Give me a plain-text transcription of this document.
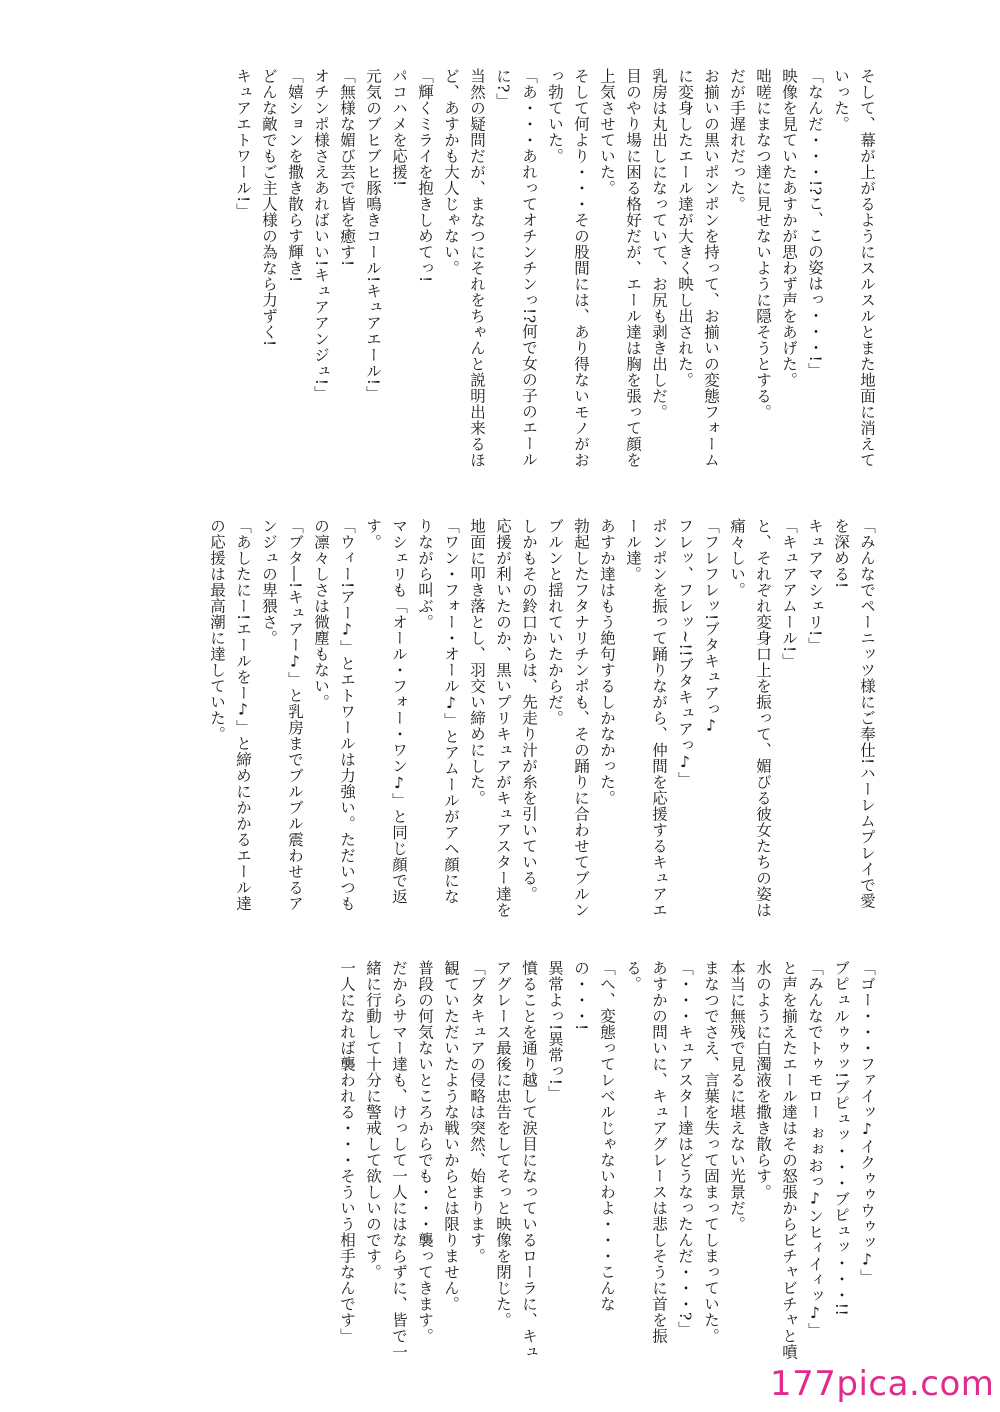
そして、幕が上がるようにスルスルとまた地面に消えていった。
「なんだ・・・!?こ、この姿はっ・・・!」
映像を見ていたあすかが思わず声をあげた。
咄嗟にまなつ達に見せないように隠そうとする。
だが手遅れだった。
お揃いの黒いポンポンを持って、お揃いの変態フォームに変身したエール達が大きく映し出された。
乳房は丸出しになっていて、お尻も剥き出しだ。
目のやり場に困る格好だが、エール達は胸を張って顔を上気させていた。
そして何より・・・その股間には、あり得ないモノがおっ勃ていた。
「あ・・・あれってオチンチンっ!?何で女の子のエールに?」
当然の疑問だが、まなつにそれをちゃんと説明出来るほど、あすかも大人じゃない。
「輝くミライを抱きしめてっ!
パコハメを応援!
元気のブヒブヒ豚鳴きコール!キュアエール!」
「無様な媚び芸で皆を癒す!
オチンポ様さえあればいい!キュアアンジュ!」
「嬉ションを撒き散らす輝き!
どんな敵でもご主人様の為なら力ずく!
キュアエトワール!」
「みんなでペーニッツ様にご奉仕!ハーレムプレイで愛を深める!
キュアマシェリ!」
「キュアアムール!」
と、それぞれ変身口上を振って、媚びる彼女たちの姿は痛々しい。
「フレフレッ!ブタキュアっ♪
フレッ、フレッ~!!ブタキュアっ♪」
ポンポンを振って踊りながら、仲間を応援するキュアエール達。
あすか達はもう絶句するしかなかった。
勃起したフタナリチンポも、その踊りに合わせてブルンブルンと揺れていたからだ。
しかもその鈴口からは、先走り汁が糸を引いている。
応援が利いたのか、黒いプリキュアがキュアスター達を地面に叩き落とし、羽交い締めにした。
「ワン・フォー・オール♪」とアムールがアヘ顔になりながら叫ぶ。
マシェリも「オール・フォー・ワン♪」と同じ顔で返す。
「ウィー!アー♪」とエトワールは力強い。ただいつもの凛々しさは微塵もない。
「ブタ―!キュアー♪」と乳房までブルブル震わせるアンジュの卑猥さ。
「あしたにー!エールをー♪」と締めにかかるエール達の応援は最高潮に達していた。
「ゴー・・・ファイッ♪イクゥゥウゥッ♪」
ブピュルゥゥッ!ブピュッ・・・ブピュッ・・・!!
「みんなでトゥモロー ぉぉおっ♪ンヒィイィッ♪」
と声を揃えたエール達はその怒張からビチャビチャと噴水のように白濁液を撒き散らす。
本当に無残で見るに堪えない光景だ。
まなつでさえ、言葉を失って固まってしまっていた。
「・・・キュアスター達はどうなったんだ・・・?」
あすかの問いに、キュアグレースは悲しそうに首を振る。
「へ、変態ってレベルじゃないわよ・・・こんなの・・・!
異常よっ!異常っ!」
憤ることを通り越して涙目になっているローラに、キュアグレース最後に忠告をしてそっと映像を閉じた。
「ブタキュアの侵略は突然、始まります。
観ていただいたような戦いからとは限りません。
普段の何気ないところからでも・・・襲ってきます。
だからサマー達も、けっして一人にはならずに、皆で一緒に行動して十分に警戒して欲しいのです。
一人になれば襲われる・・・そういう相手なんです」
177pica.com
